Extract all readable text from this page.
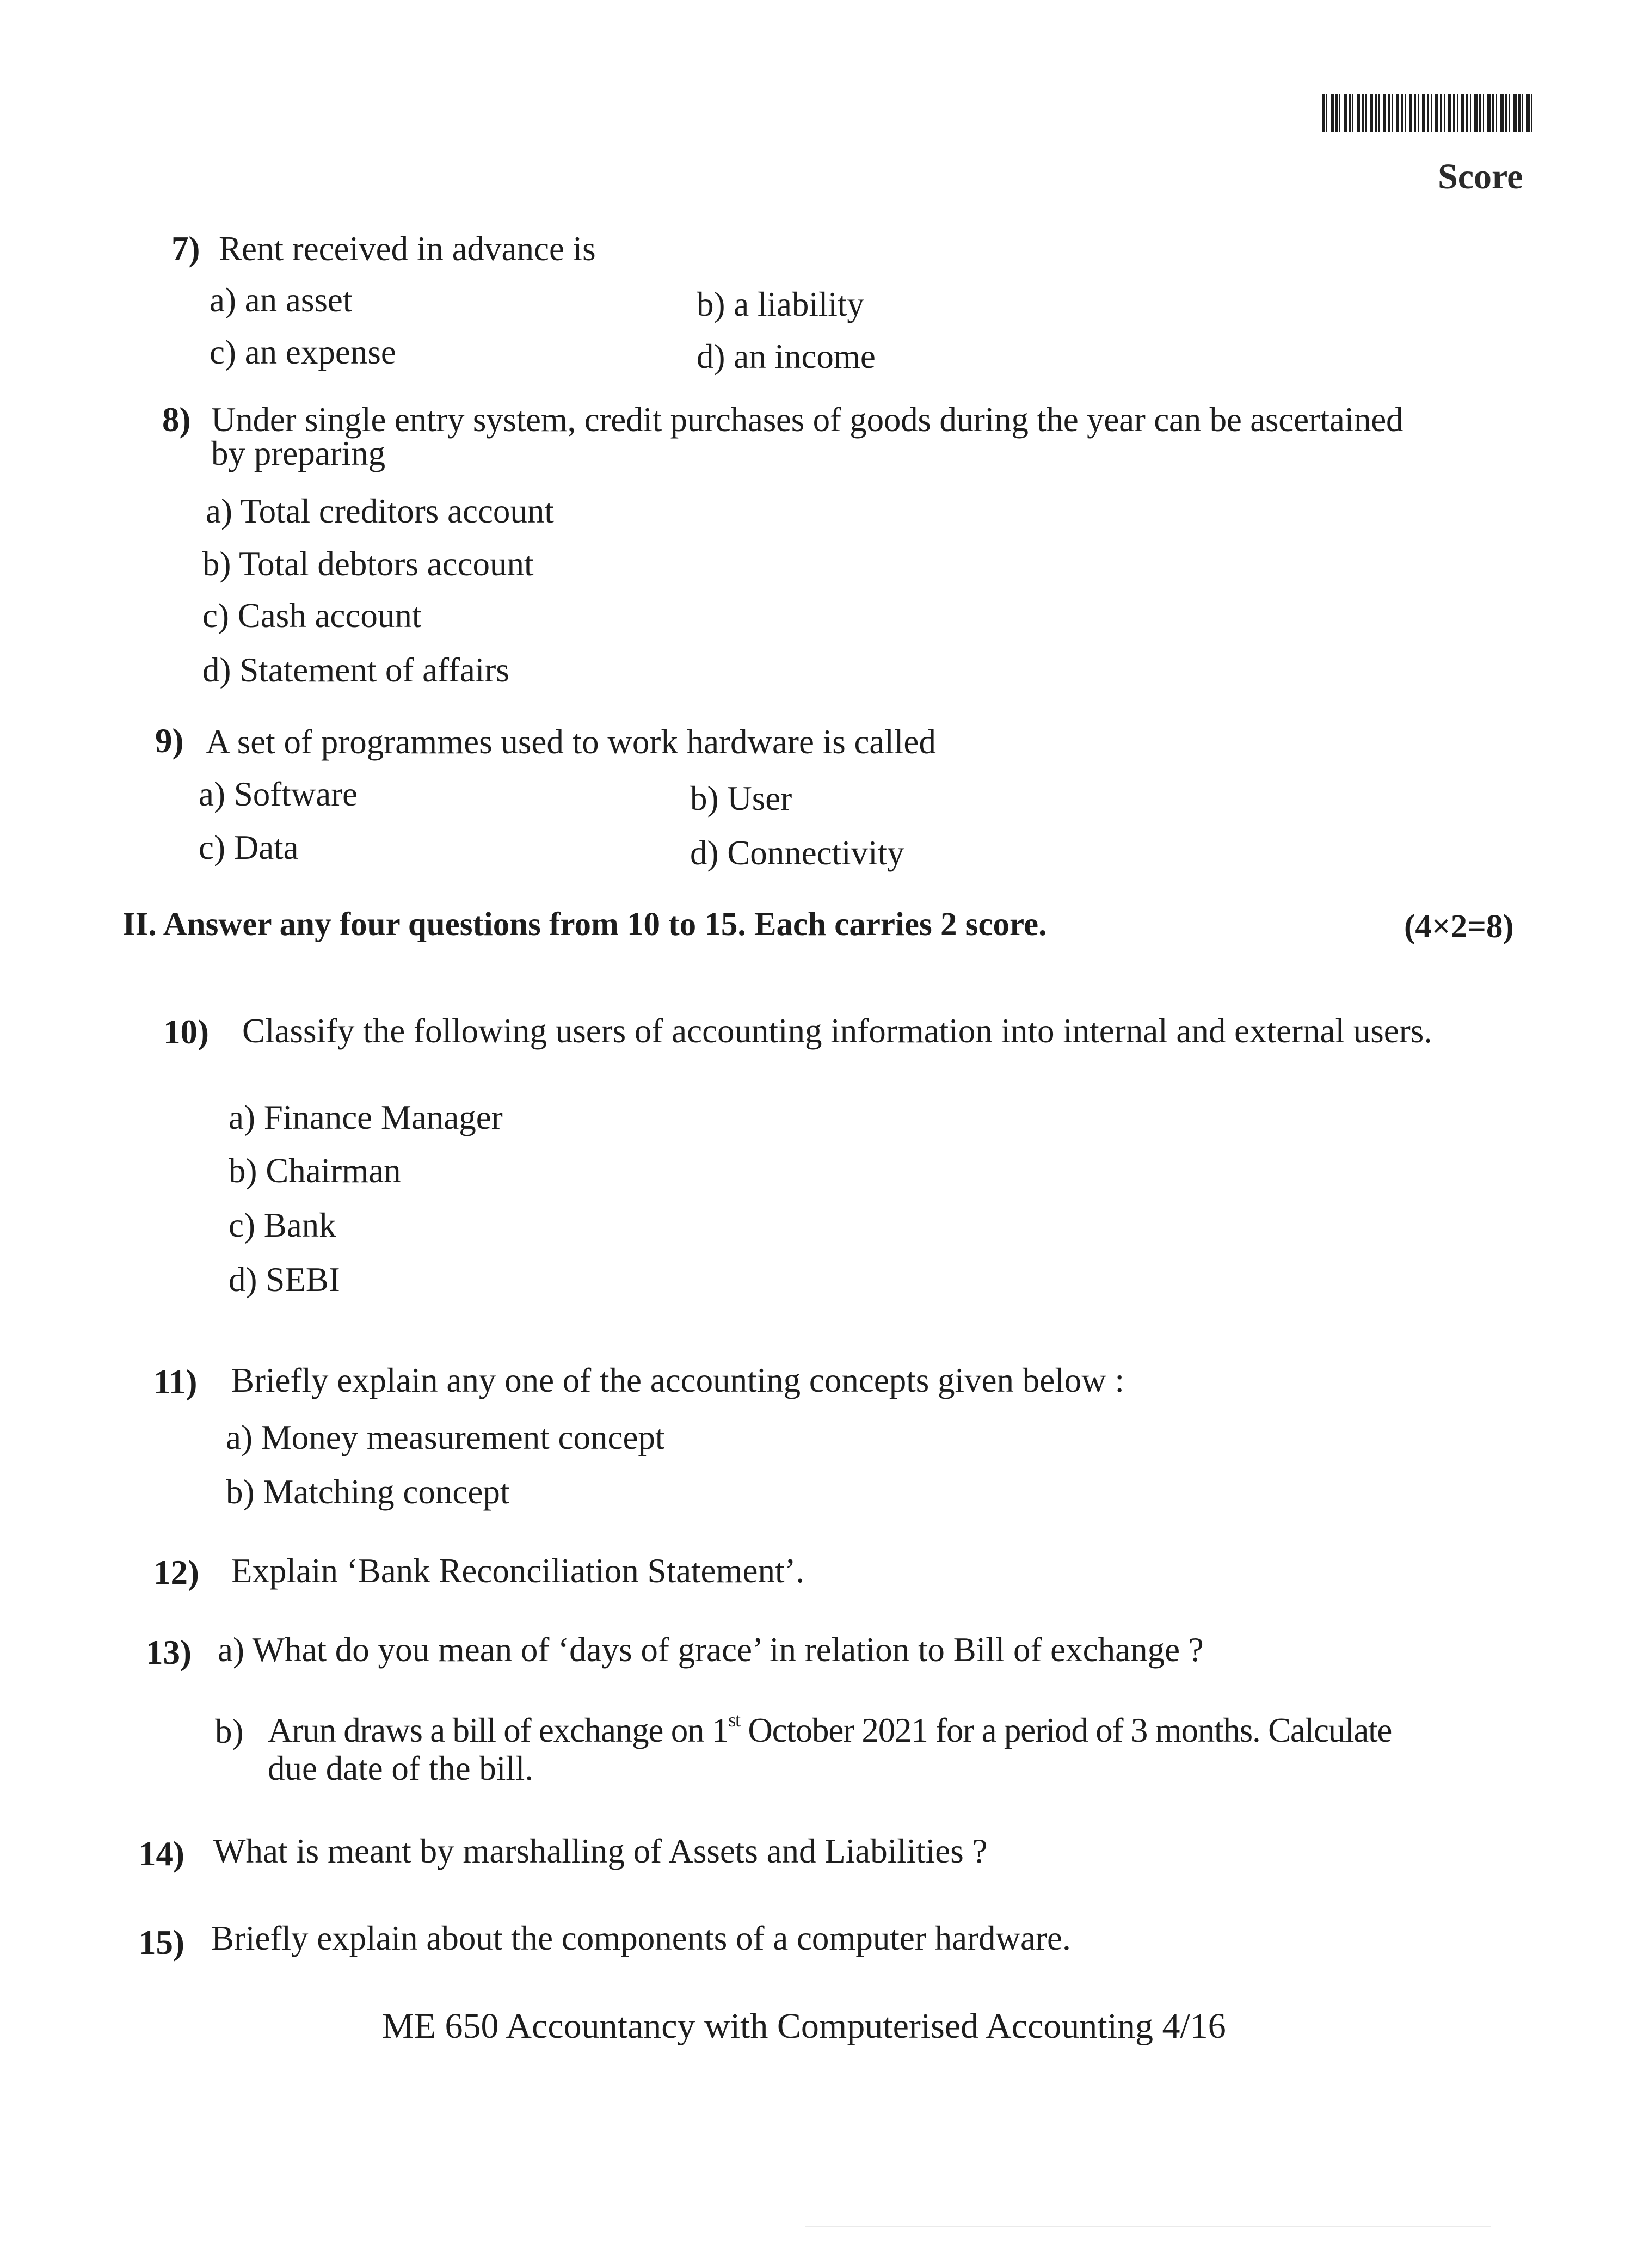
Score
7) Rent received in advance is
a) an asset	b) a liability
c) an expense	d) an income
8) Under single entry system, credit purchases of goods during the year can be ascertained
by preparing
a) Total creditors account
b) Total debtors account
c) Cash account
d) Statement of affairs
9) A set of programmes used to work hardware is called
a) Software	b) User
c) Data	d) Connectivity
II. Answer any four questions from 10 to 15. Each carries 2 score.	(4×2=8)
10) Classify the following users of accounting information into internal and external users.
a) Finance Manager
b) Chairman
c) Bank
d) SEBI
11) Briefly explain any one of the accounting concepts given below :
a) Money measurement concept
b) Matching concept
12) Explain ‘Bank Reconciliation Statement’.
13) a) What do you mean of ‘days of grace’ in relation to Bill of exchange ?
b) Arun draws a bill of exchange on 1st October 2021 for a period of 3 months. Calculate
due date of the bill.
14) What is meant by marshalling of Assets and Liabilities ?
15) Briefly explain about the components of a computer hardware.
ME 650 Accountancy with Computerised Accounting 4/16
